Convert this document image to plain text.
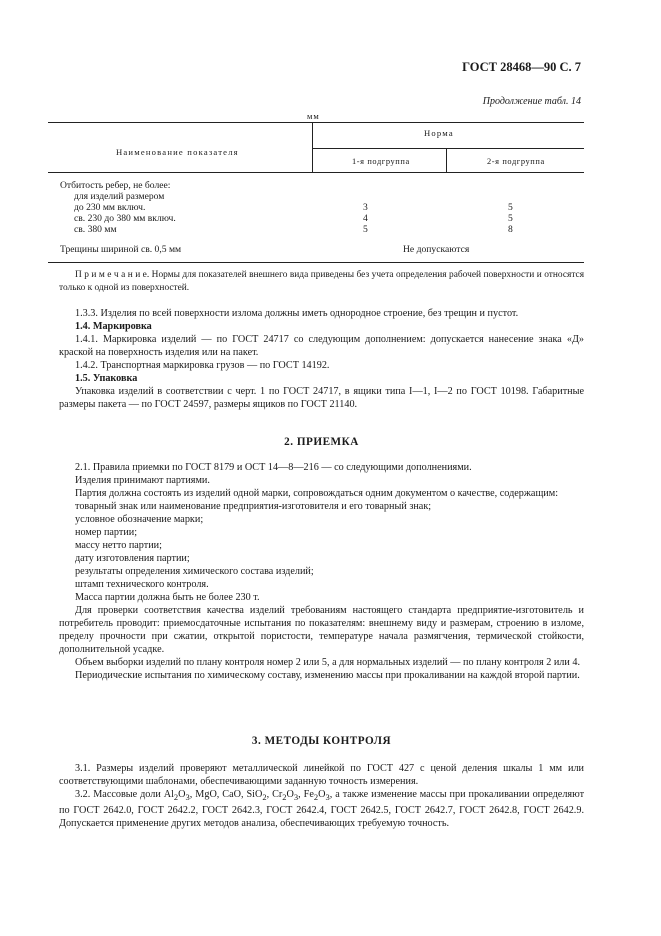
ГОСТ 28468—90 С. 7
Продолжение табл. 14
мм
Наименование показателя
Норма
1-я подгруппа	2-я подгруппа
Отбитость ребер, не более:
для изделий размером
до 230 мм включ.
св. 230 до 380 мм включ.
св. 380 мм
3
4
5
5
5
8
Трещины шириной св. 0,5 мм	Не допускаются

П р и м е ч а н и е. Нормы для показателей внешнего вида приведены без учета определения рабочей поверхности и относятся только к одной из поверхностей.

1.3.3. Изделия по всей поверхности излома должны иметь однородное строение, без трещин и пустот.

1.4. Маркировка

1.4.1. Маркировка изделий — по ГОСТ 24717 со следующим дополнением: допускается нанесение знака «Д» краской на поверхность изделия или на пакет.

1.4.2. Транспортная маркировка грузов — по ГОСТ 14192.

1.5. Упаковка

Упаковка изделий в соответствии с черт. 1 по ГОСТ 24717, в ящики типа I—1, I—2 по ГОСТ 10198. Габаритные размеры пакета — по ГОСТ 24597, размеры ящиков по ГОСТ 21140.

2. ПРИЕМКА

2.1. Правила приемки по ГОСТ 8179 и ОСТ 14—8—216 — со следующими дополнениями.

Изделия принимают партиями.

Партия должна состоять из изделий одной марки, сопровождаться одним документом о качестве, содержащим:

товарный знак или наименование предприятия-изготовителя и его товарный знак;

условное обозначение марки;

номер партии;

массу нетто партии;

дату изготовления партии;

результаты определения химического состава изделий;

штамп технического контроля.

Масса партии должна быть не более 230 т.

Для проверки соответствия качества изделий требованиям настоящего стандарта предприятие-изготовитель и потребитель проводит: приемосдаточные испытания по показателям: внешнему виду и размерам, строению в изломе, пределу прочности при сжатии, открытой пористости, температуре начала размягчения, термической стойкости, дополнительной усадке.

Объем выборки изделий по плану контроля номер 2 или 5, а для нормальных изделий — по плану контроля 2 или 4.

Периодические испытания по химическому составу, изменению массы при прокаливании на каждой второй партии.

3. МЕТОДЫ КОНТРОЛЯ

3.1. Размеры изделий проверяют металлической линейкой по ГОСТ 427 с ценой деления шкалы 1 мм или соответствующими шаблонами, обеспечивающими заданную точность измерения.

3.2. Массовые доли $Al_2O_3$, MgO, CaO, SiO$_2$, $Cr_2O_3$, $Fe_2O_3$, а также изменение массы при прокаливании определяют по ГОСТ 2642.0, ГОСТ 2642.2, ГОСТ 2642.3, ГОСТ 2642.4, ГОСТ 2642.5, ГОСТ 2642.7, ГОСТ 2642.8, ГОСТ 2642.9. Допускается применение других методов анализа, обеспечивающих требуемую точность.
